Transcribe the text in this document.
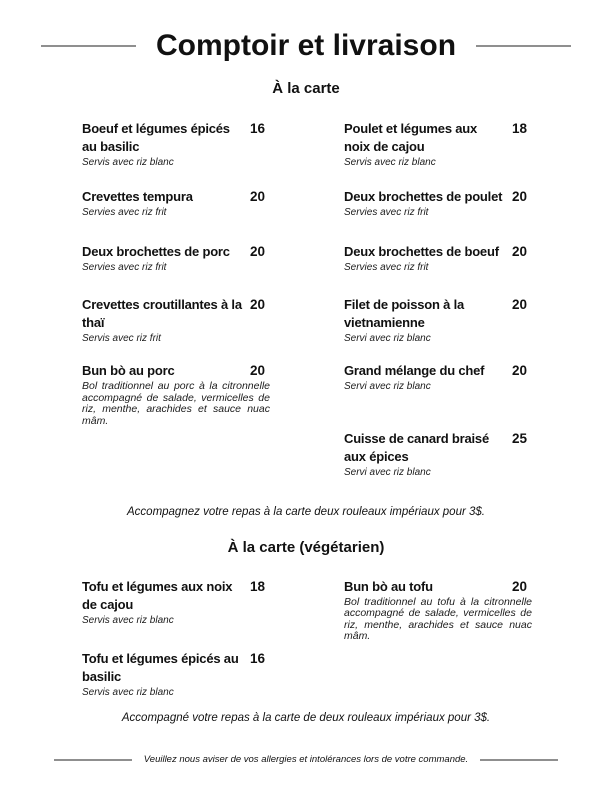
Comptoir et livraison
À la carte
Boeuf et légumes épicés au basilic
16
Servis avec riz blanc
Poulet et légumes aux noix de cajou
18
Servis avec riz blanc
Crevettes tempura	20
Servies avec riz frit
Deux brochettes de poulet 20
Servies avec riz frit
Deux brochettes de porc 20
Servies avec riz frit
Deux brochettes de boeuf 20
Servies avec riz frit
Crevettes croutillantes à la thaï
20
Servis avec riz frit
Filet de poisson à la vietnamienne
20
Servi avec riz blanc
Bun bò au porc	20
Bol traditionnel au porc à la citronnelle accompagné de salade, vermicelles de riz, menthe, arachides et sauce nuac mâm.
Grand mélange du chef 20
Servi avec riz blanc
Cuisse de canard braisé aux épices
25
Servi avec riz blanc
Accompagnez votre repas à la carte deux rouleaux impériaux pour 3$.
À la carte (végétarien)
Tofu et légumes aux noix de cajou
18
Servis avec riz blanc
Bun bò au tofu	20
Bol traditionnel au tofu à la citronnelle accompagné de salade, vermicelles de riz, menthe, arachides et sauce nuac mâm.
Tofu et légumes épicés au basilic
16
Servis avec riz blanc
Accompagné votre repas à la carte de deux rouleaux impériaux pour 3$.
Veuillez nous aviser de vos allergies et intolérances lors de votre commande.
